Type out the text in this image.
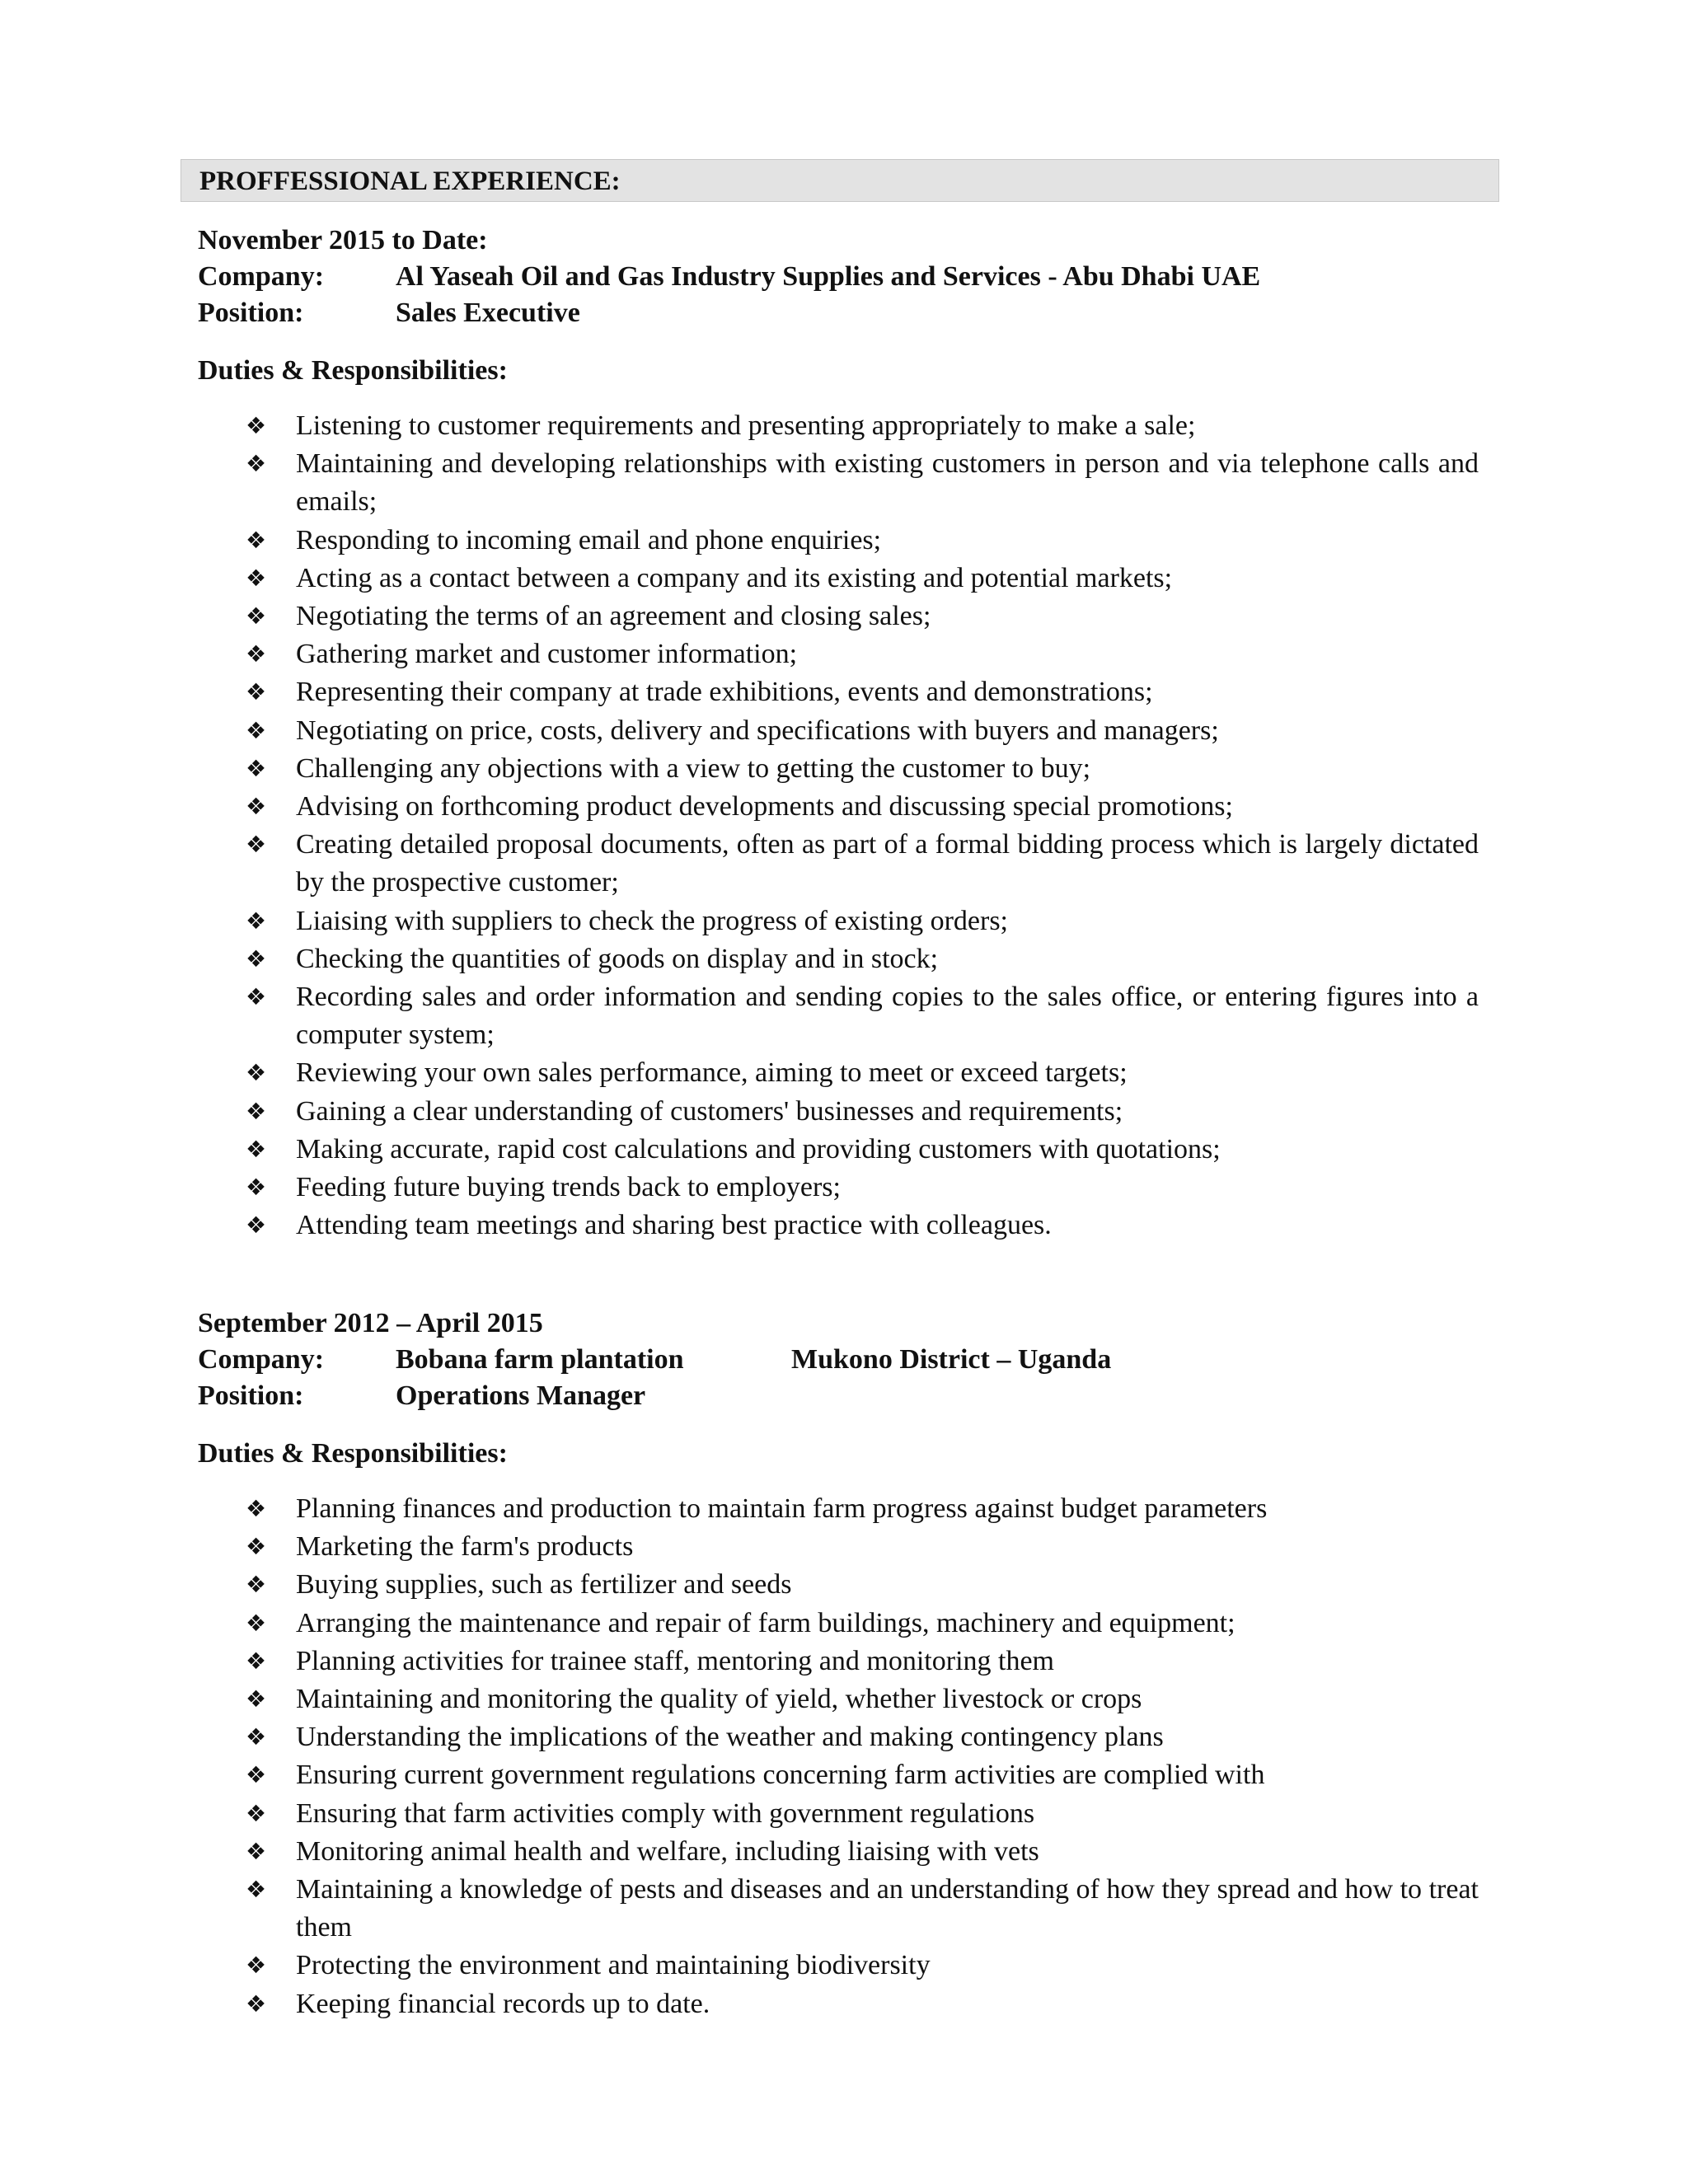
PROFFESSIONAL EXPERIENCE:
November 2015 to Date:
Company:	Al Yaseah Oil and Gas Industry Supplies and Services - Abu Dhabi UAE
Position:	Sales Executive
Duties & Responsibilities:
❖ Listening to customer requirements and presenting appropriately to make a sale;
❖ Maintaining and developing relationships with existing customers in person and via telephone calls and emails;
❖ Responding to incoming email and phone enquiries;
❖ Acting as a contact between a company and its existing and potential markets;
❖ Negotiating the terms of an agreement and closing sales;
❖ Gathering market and customer information;
❖ Representing their company at trade exhibitions, events and demonstrations;
❖ Negotiating on price, costs, delivery and specifications with buyers and managers;
❖ Challenging any objections with a view to getting the customer to buy;
❖ Advising on forthcoming product developments and discussing special promotions;
❖ Creating detailed proposal documents, often as part of a formal bidding process which is largely dictated by the prospective customer;
❖ Liaising with suppliers to check the progress of existing orders;
❖ Checking the quantities of goods on display and in stock;
❖ Recording sales and order information and sending copies to the sales office, or entering figures into a computer system;
❖ Reviewing your own sales performance, aiming to meet or exceed targets;
❖ Gaining a clear understanding of customers' businesses and requirements;
❖ Making accurate, rapid cost calculations and providing customers with quotations;
❖ Feeding future buying trends back to employers;
❖ Attending team meetings and sharing best practice with colleagues.
September 2012 – April 2015
Company:	Bobana farm plantation	Mukono District – Uganda
Position:	Operations Manager
Duties & Responsibilities:
❖ Planning finances and production to maintain farm progress against budget parameters
❖ Marketing the farm's products
❖ Buying supplies, such as fertilizer and seeds
❖ Arranging the maintenance and repair of farm buildings, machinery and equipment;
❖ Planning activities for trainee staff, mentoring and monitoring them
❖ Maintaining and monitoring the quality of yield, whether livestock or crops
❖ Understanding the implications of the weather and making contingency plans
❖ Ensuring current government regulations concerning farm activities are complied with
❖ Ensuring that farm activities comply with government regulations
❖ Monitoring animal health and welfare, including liaising with vets
❖ Maintaining a knowledge of pests and diseases and an understanding of how they spread and how to treat them
❖ Protecting the environment and maintaining biodiversity
❖ Keeping financial records up to date.
